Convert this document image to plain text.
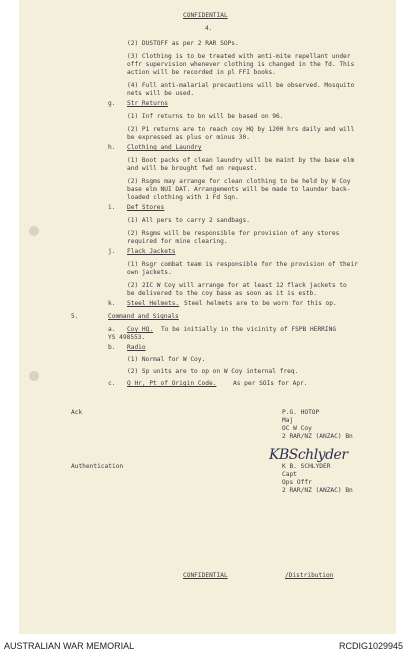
CONFIDENTIAL
4.
(2) DUSTOFF as per 2 RAR SOPs.
(3) Clothing is to be treated with anti-mite repellant under
offr supervision whenever clothing is changed in the fd. This
action will be recorded in pl FFI books.
(4) Full anti-malarial precautions will be observed. Mosquito
nets will be used.
g. Str Returns
(1) Inf returns to bn will be based on 96.
(2) P1 returns are to reach coy HQ by 1200 hrs daily and will
be expressed as plus or minus 30.
h. Clothing and Laundry
(1) Boot packs of clean laundry will be maint by the base elm
and will be brought fwd on request.
(2) Rsgms may arrange for clean clothing to be held by W Coy
base elm NUI DAT. Arrangements will be made to launder back-
loaded clothing with 1 Fd Sqn.
i. Def Stores
(1) All pers to carry 2 sandbags.
(2) Rsgms will be responsible for provision of any stores
required for mine clearing.
j. Flack Jackets
(1) Rsgr combat team is responsible for the provision of their
own jackets.
(2) 2IC W Coy will arrange for at least 12 flack jackets to
be delivered to the coy base as soon as it is estb.
k. Steel Helmets. Steel helmets are to be worn for this op.
5.	Command and Signals
a. Coy HQ. To be initially in the vicinity of FSPB HERRING
YS 498553.
b. Radio
(1) Normal for W Coy.
(2) Sp units are to op on W Coy internal freq.
c. Q Hr, Pt of Origin Code.	As per SOIs for Apr.
Ack	P.G. HOTOP
Maj
OC W Coy
2 RAR/NZ (ANZAC) Bn
KBSchlyder
Authentication	K B. SCHLYDER
Capt
Ops Offr
2 RAR/NZ (ANZAC) Bn
CONFIDENTIAL	/Distribution
AUSTRALIAN WAR MEMORIAL	RCDIG1029945
